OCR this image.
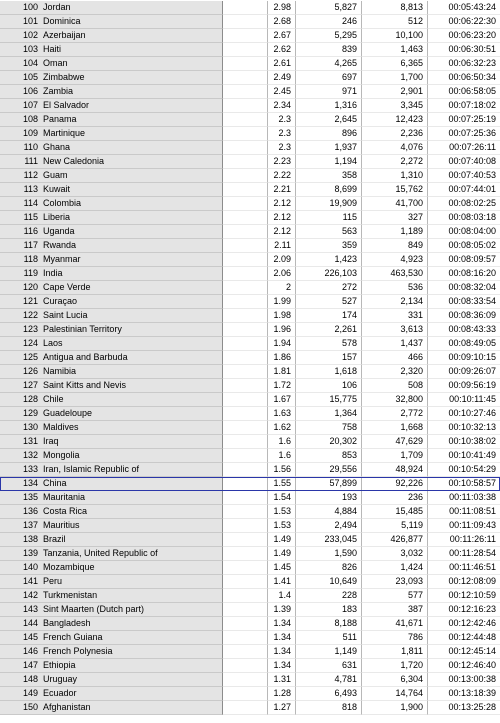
100 Jordan	2.98	5,827	8,813	00:05:43:24
101 Dominica	2.68	246	512	00:06:22:30
102 Azerbaijan	2.67	5,295	10,100	00:06:23:20
103 Haiti	2.62	839	1,463	00:06:30:51
104 Oman	2.61	4,265	6,365	00:06:32:23
105 Zimbabwe	2.49	697	1,700	00:06:50:34
106 Zambia	2.45	971	2,901	00:06:58:05
107 El Salvador	2.34	1,316	3,345	00:07:18:02
108 Panama	2.3	2,645	12,423	00:07:25:19
109 Martinique	2.3	896	2,236	00:07:25:36
110 Ghana	2.3	1,937	4,076	00:07:26:11
111 New Caledonia	2.23	1,194	2,272	00:07:40:08
112 Guam	2.22	358	1,310	00:07:40:53
113 Kuwait	2.21	8,699	15,762	00:07:44:01
114 Colombia	2.12	19,909	41,700	00:08:02:25
115 Liberia	2.12	115	327	00:08:03:18
116 Uganda	2.12	563	1,189	00:08:04:00
117 Rwanda	2.11	359	849	00:08:05:02
118 Myanmar	2.09	1,423	4,923	00:08:09:57
119 India	2.06	226,103	463,530	00:08:16:20
120 Cape Verde	2	272	536	00:08:32:04
121 Curaçao	1.99	527	2,134	00:08:33:54
122 Saint Lucia	1.98	174	331	00:08:36:09
123 Palestinian Territory	1.96	2,261	3,613	00:08:43:33
124 Laos	1.94	578	1,437	00:08:49:05
125 Antigua and Barbuda	1.86	157	466	00:09:10:15
126 Namibia	1.81	1,618	2,320	00:09:26:07
127 Saint Kitts and Nevis	1.72	106	508	00:09:56:19
128 Chile	1.67	15,775	32,800	00:10:11:45
129 Guadeloupe	1.63	1,364	2,772	00:10:27:46
130 Maldives	1.62	758	1,668	00:10:32:13
131 Iraq	1.6	20,302	47,629	00:10:38:02
132 Mongolia	1.6	853	1,709	00:10:41:49
133 Iran, Islamic Republic of	1.56	29,556	48,924	00:10:54:29
134 China	1.55	57,899	92,226	00:10:58:57
135 Mauritania	1.54	193	236	00:11:03:38
136 Costa Rica	1.53	4,884	15,485	00:11:08:51
137 Mauritius	1.53	2,494	5,119	00:11:09:43
138 Brazil	1.49	233,045	426,877	00:11:26:11
139 Tanzania, United Republic of	1.49	1,590	3,032	00:11:28:54
140 Mozambique	1.45	826	1,424	00:11:46:51
141 Peru	1.41	10,649	23,093	00:12:08:09
142 Turkmenistan	1.4	228	577	00:12:10:59
143 Sint Maarten (Dutch part)	1.39	183	387	00:12:16:23
144 Bangladesh	1.34	8,188	41,671	00:12:42:46
145 French Guiana	1.34	511	786	00:12:44:48
146 French Polynesia	1.34	1,149	1,811	00:12:45:14
147 Ethiopia	1.34	631	1,720	00:12:46:40
148 Uruguay	1.31	4,781	6,304	00:13:00:38
149 Ecuador	1.28	6,493	14,764	00:13:18:39
150 Afghanistan	1.27	818	1,900	00:13:25:28
